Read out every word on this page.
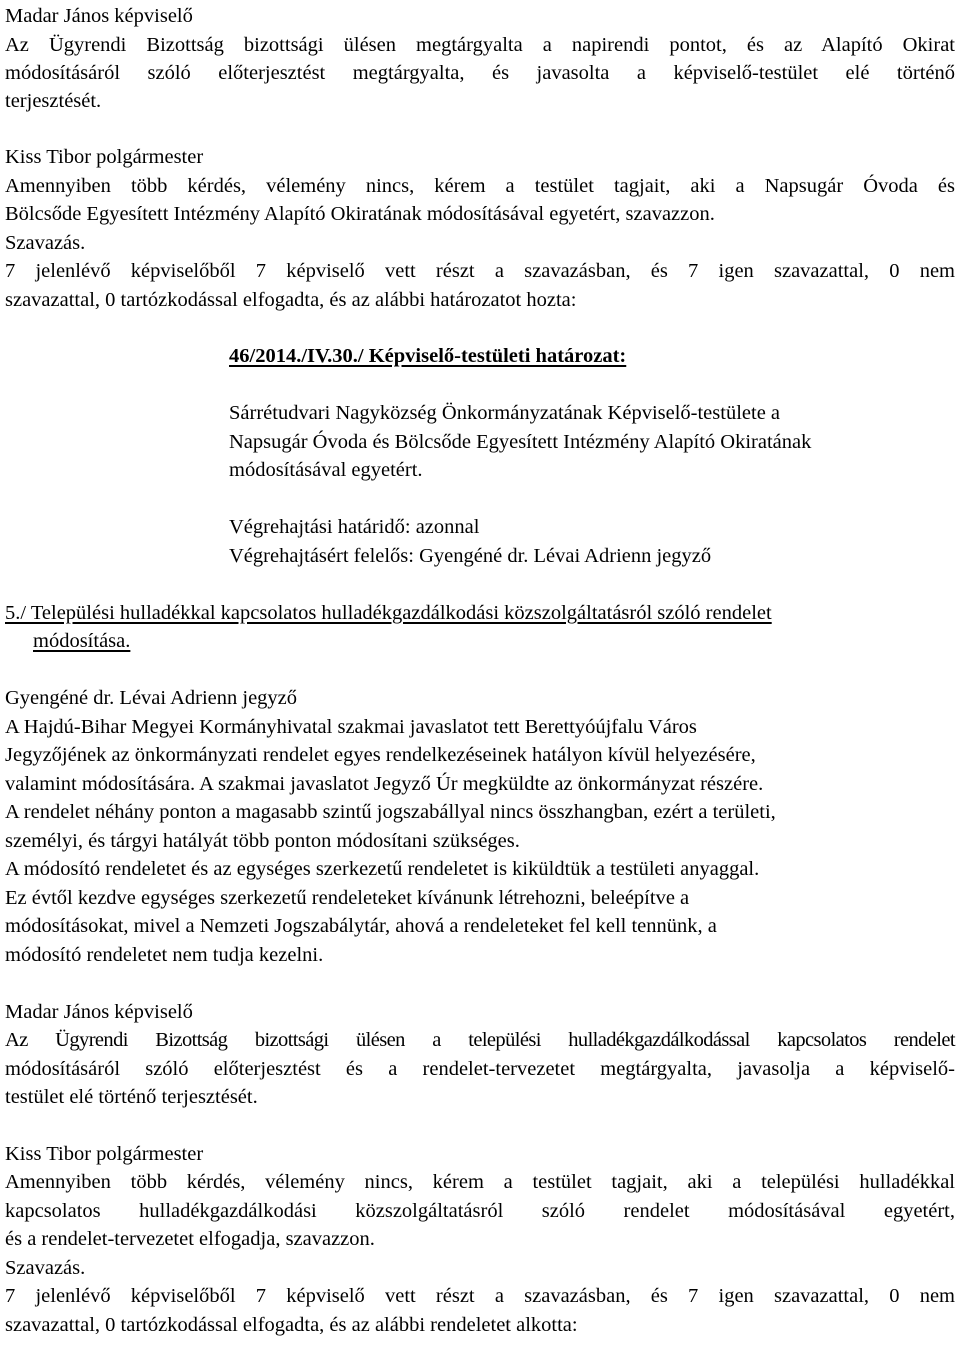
Madar János képviselő
Az Ügyrendi Bizottság bizottsági ülésen megtárgyalta a napirendi pontot, és az Alapító Okirat
módosításáról szóló előterjesztést megtárgyalta, és javasolta a képviselő-testület elé történő
terjesztését.
Kiss Tibor polgármester
Amennyiben több kérdés, vélemény nincs, kérem a testület tagjait, aki a Napsugár Óvoda és
Bölcsőde Egyesített Intézmény Alapító Okiratának módosításával egyetért, szavazzon.
Szavazás.
7 jelenlévő képviselőből 7 képviselő vett részt a szavazásban, és 7 igen szavazattal, 0 nem
szavazattal, 0 tartózkodással elfogadta, és az alábbi határozatot hozta:
46/2014./IV.30./ Képviselő-testületi határozat:
Sárrétudvari Nagyközség Önkormányzatának Képviselő-testülete a
Napsugár Óvoda és Bölcsőde Egyesített Intézmény Alapító Okiratának
módosításával egyetért.
Végrehajtási határidő: azonnal
Végrehajtásért felelős: Gyengéné dr. Lévai Adrienn jegyző
5./ Települési hulladékkal kapcsolatos hulladékgazdálkodási közszolgáltatásról szóló rendelet
módosítása.
Gyengéné dr. Lévai Adrienn jegyző
A Hajdú-Bihar Megyei Kormányhivatal szakmai javaslatot tett Berettyóújfalu Város
Jegyzőjének az önkormányzati rendelet egyes rendelkezéseinek hatályon kívül helyezésére,
valamint módosítására. A szakmai javaslatot Jegyző Úr megküldte az önkormányzat részére.
A rendelet néhány ponton a magasabb szintű jogszabállyal nincs összhangban, ezért a területi,
személyi, és tárgyi hatályát több ponton módosítani szükséges.
A módosító rendeletet és az egységes szerkezetű rendeletet is kiküldtük a testületi anyaggal.
Ez évtől kezdve egységes szerkezetű rendeleteket kívánunk létrehozni, beleépítve a
módosításokat, mivel a Nemzeti Jogszabálytár, ahová a rendeleteket fel kell tennünk, a
módosító rendeletet nem tudja kezelni.
Madar János képviselő
Az Ügyrendi Bizottság bizottsági ülésen a települési hulladékgazdálkodással kapcsolatos rendelet
módosításáról szóló előterjesztést és a rendelet-tervezetet megtárgyalta, javasolja a képviselő-
testület elé történő terjesztését.
Kiss Tibor polgármester
Amennyiben több kérdés, vélemény nincs, kérem a testület tagjait, aki a települési hulladékkal
kapcsolatos hulladékgazdálkodási közszolgáltatásról szóló rendelet módosításával egyetért,
és a rendelet-tervezetet elfogadja, szavazzon.
Szavazás.
7 jelenlévő képviselőből 7 képviselő vett részt a szavazásban, és 7 igen szavazattal, 0 nem
szavazattal, 0 tartózkodással elfogadta, és az alábbi rendeletet alkotta:
